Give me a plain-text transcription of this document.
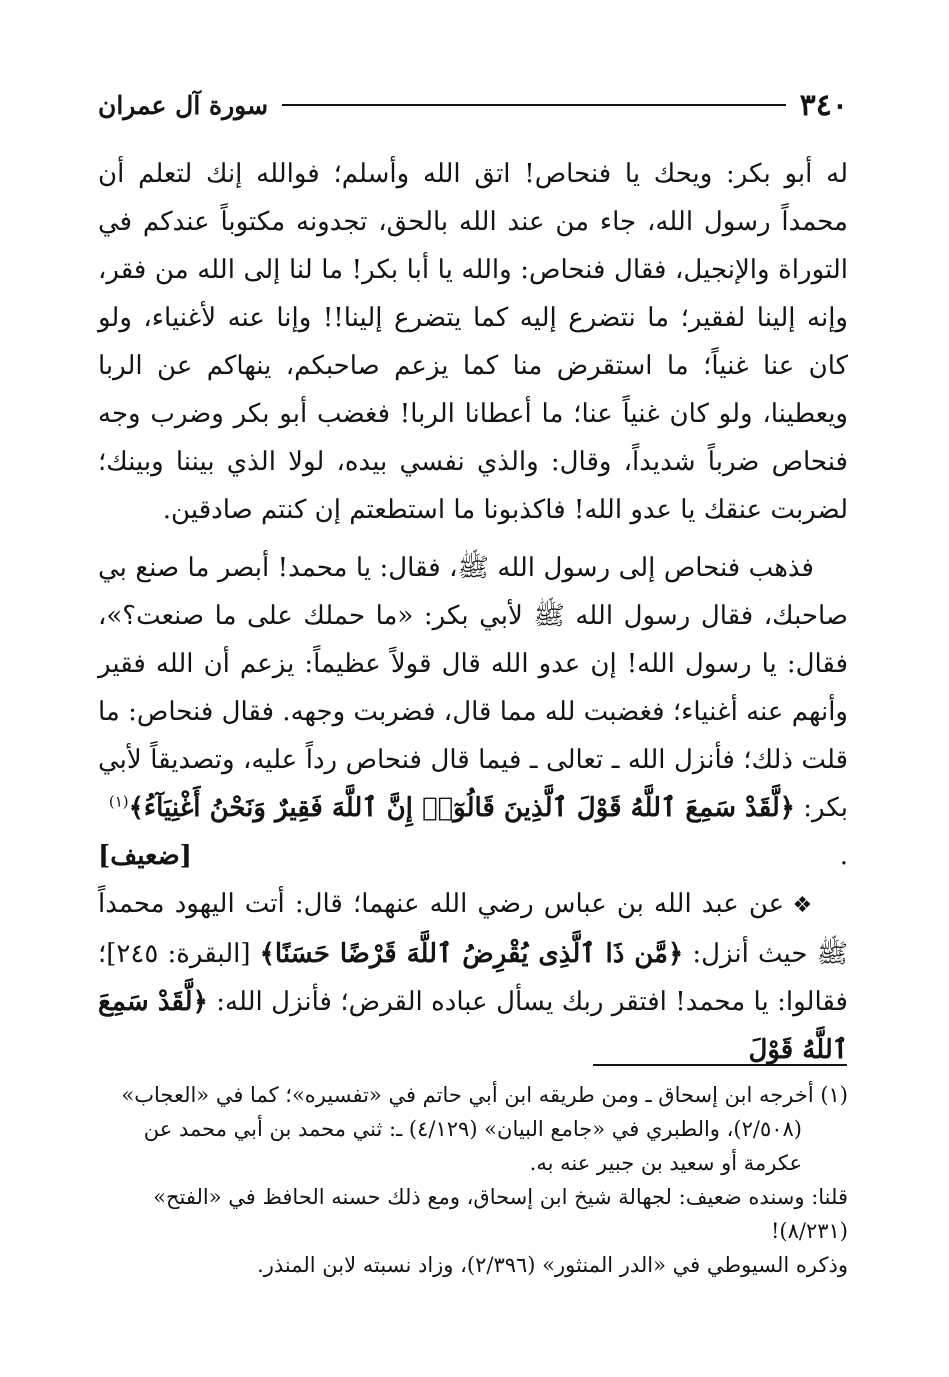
سورة آل عمران	٣٤٠

له أبو بكر: ويحك يا فنحاص! اتق الله وأسلم؛ فوالله إنك لتعلم أن محمداً رسول الله، جاء من عند الله بالحق، تجدونه مكتوباً عندكم في التوراة والإنجيل، فقال فنحاص: والله يا أبا بكر! ما لنا إلى الله من فقر، وإنه إلينا لفقير؛ ما نتضرع إليه كما يتضرع إلينا!! وإنا عنه لأغنياء، ولو كان عنا غنياً؛ ما استقرض منا كما يزعم صاحبكم، ينهاكم عن الربا ويعطينا، ولو كان غنياً عنا؛ ما أعطانا الربا! فغضب أبو بكر وضرب وجه فنحاص ضرباً شديداً، وقال: والذي نفسي بيده، لولا الذي بيننا وبينك؛ لضربت عنقك يا عدو الله! فاكذبونا ما استطعتم إن كنتم صادقين.

فذهب فنحاص إلى رسول الله ﷺ، فقال: يا محمد! أبصر ما صنع بي صاحبك، فقال رسول الله ﷺ لأبي بكر: «ما حملك على ما صنعت؟»، فقال: يا رسول الله! إن عدو الله قال قولاً عظيماً: يزعم أن الله فقير وأنهم عنه أغنياء؛ فغضبت لله مما قال، فضربت وجهه. فقال فنحاص: ما قلت ذلك؛ فأنزل الله ـ تعالى ـ فيما قال فنحاص رداً عليه، وتصديقاً لأبي بكر: ﴿لَّقَدْ سَمِعَ ٱللَّهُ قَوْلَ ٱلَّذِينَ قَالُوٓا۟ إِنَّ ٱللَّهَ فَقِيرٌ وَنَحْنُ أَغْنِيَآءُ﴾$^{(١)}$

.
[ضعيف]

❖ عن عبد الله بن عباس رضي الله عنهما؛ قال: أتت اليهود محمداً ﷺ حيث أنزل: ﴿مَّن ذَا ٱلَّذِى يُقْرِضُ ٱللَّهَ قَرْضًا حَسَنًا﴾ [البقرة: ٢٤٥]؛ فقالوا: يا محمد! افتقر ربك يسأل عباده القرض؛ فأنزل الله: ﴿لَّقَدْ سَمِعَ ٱللَّهُ قَوْلَ

(١) أخرجه ابن إسحاق ـ ومن طريقه ابن أبي حاتم في «تفسيره»؛ كما في «العجاب» (٢/٥٠٨)، والطبري في «جامع البيان» (٤/١٢٩) ـ: ثني محمد بن أبي محمد عن عكرمة أو سعيد بن جبير عنه به.

قلنا: وسنده ضعيف: لجهالة شيخ ابن إسحاق، ومع ذلك حسنه الحافظ في «الفتح» (٨/٢٣١)!

وذكره السيوطي في «الدر المنثور» (٢/٣٩٦)، وزاد نسبته لابن المنذر.
